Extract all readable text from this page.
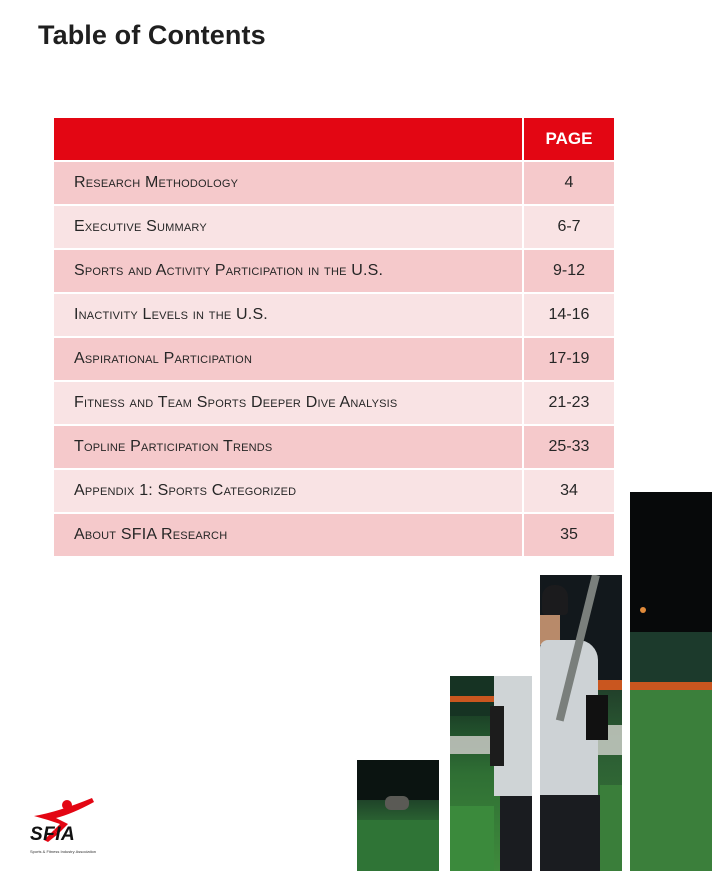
Table of Contents
	PAGE
Research Methodology	4
Executive Summary	6-7
Sports and Activity Participation in the U.S.	9-12
Inactivity Levels in the U.S.	14-16
Aspirational Participation	17-19
Fitness and Team Sports Deeper Dive Analysis	21-23
Topline Participation Trends	25-33
Appendix 1: Sports Categorized	34
About SFIA Research	35
SFIA
Sports & Fitness Industry Association
